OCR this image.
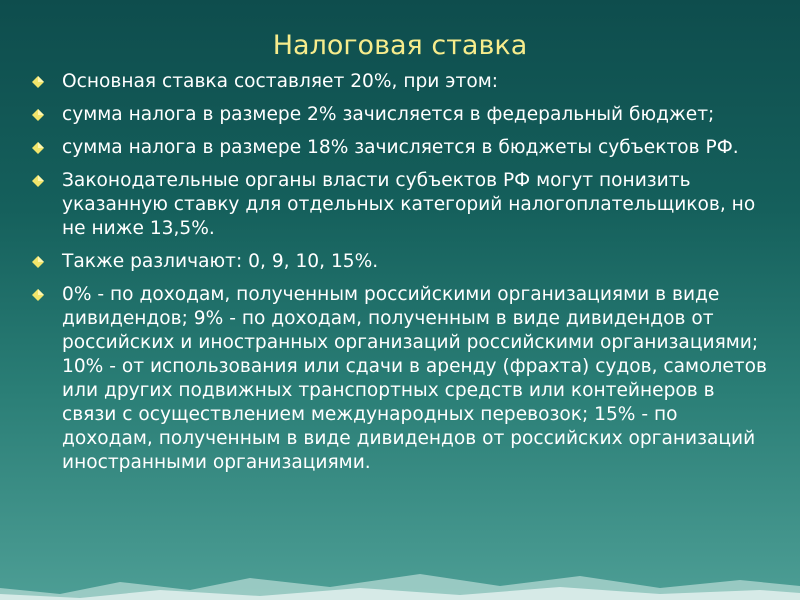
Налоговая ставка
Основная ставка составляет 20%, при этом:
сумма налога в размере 2% зачисляется в федеральный бюджет;
сумма налога в размере 18% зачисляется в бюджеты субъектов РФ.
Законодательные органы власти субъектов РФ могут понизить указанную ставку для отдельных категорий налогоплательщиков, но не ниже 13,5%.
Также различают: 0, 9, 10, 15%.
0% - по доходам, полученным российскими организациями в виде дивидендов; 9% - по доходам, полученным в виде дивидендов от российских и иностранных организаций российскими организациями; 10% - от использования или сдачи в аренду (фрахта) судов, самолетов или других подвижных транспортных средств или контейнеров в связи с осуществлением международных перевозок; 15% - по доходам, полученным в виде дивидендов от российских организаций иностранными организациями.
